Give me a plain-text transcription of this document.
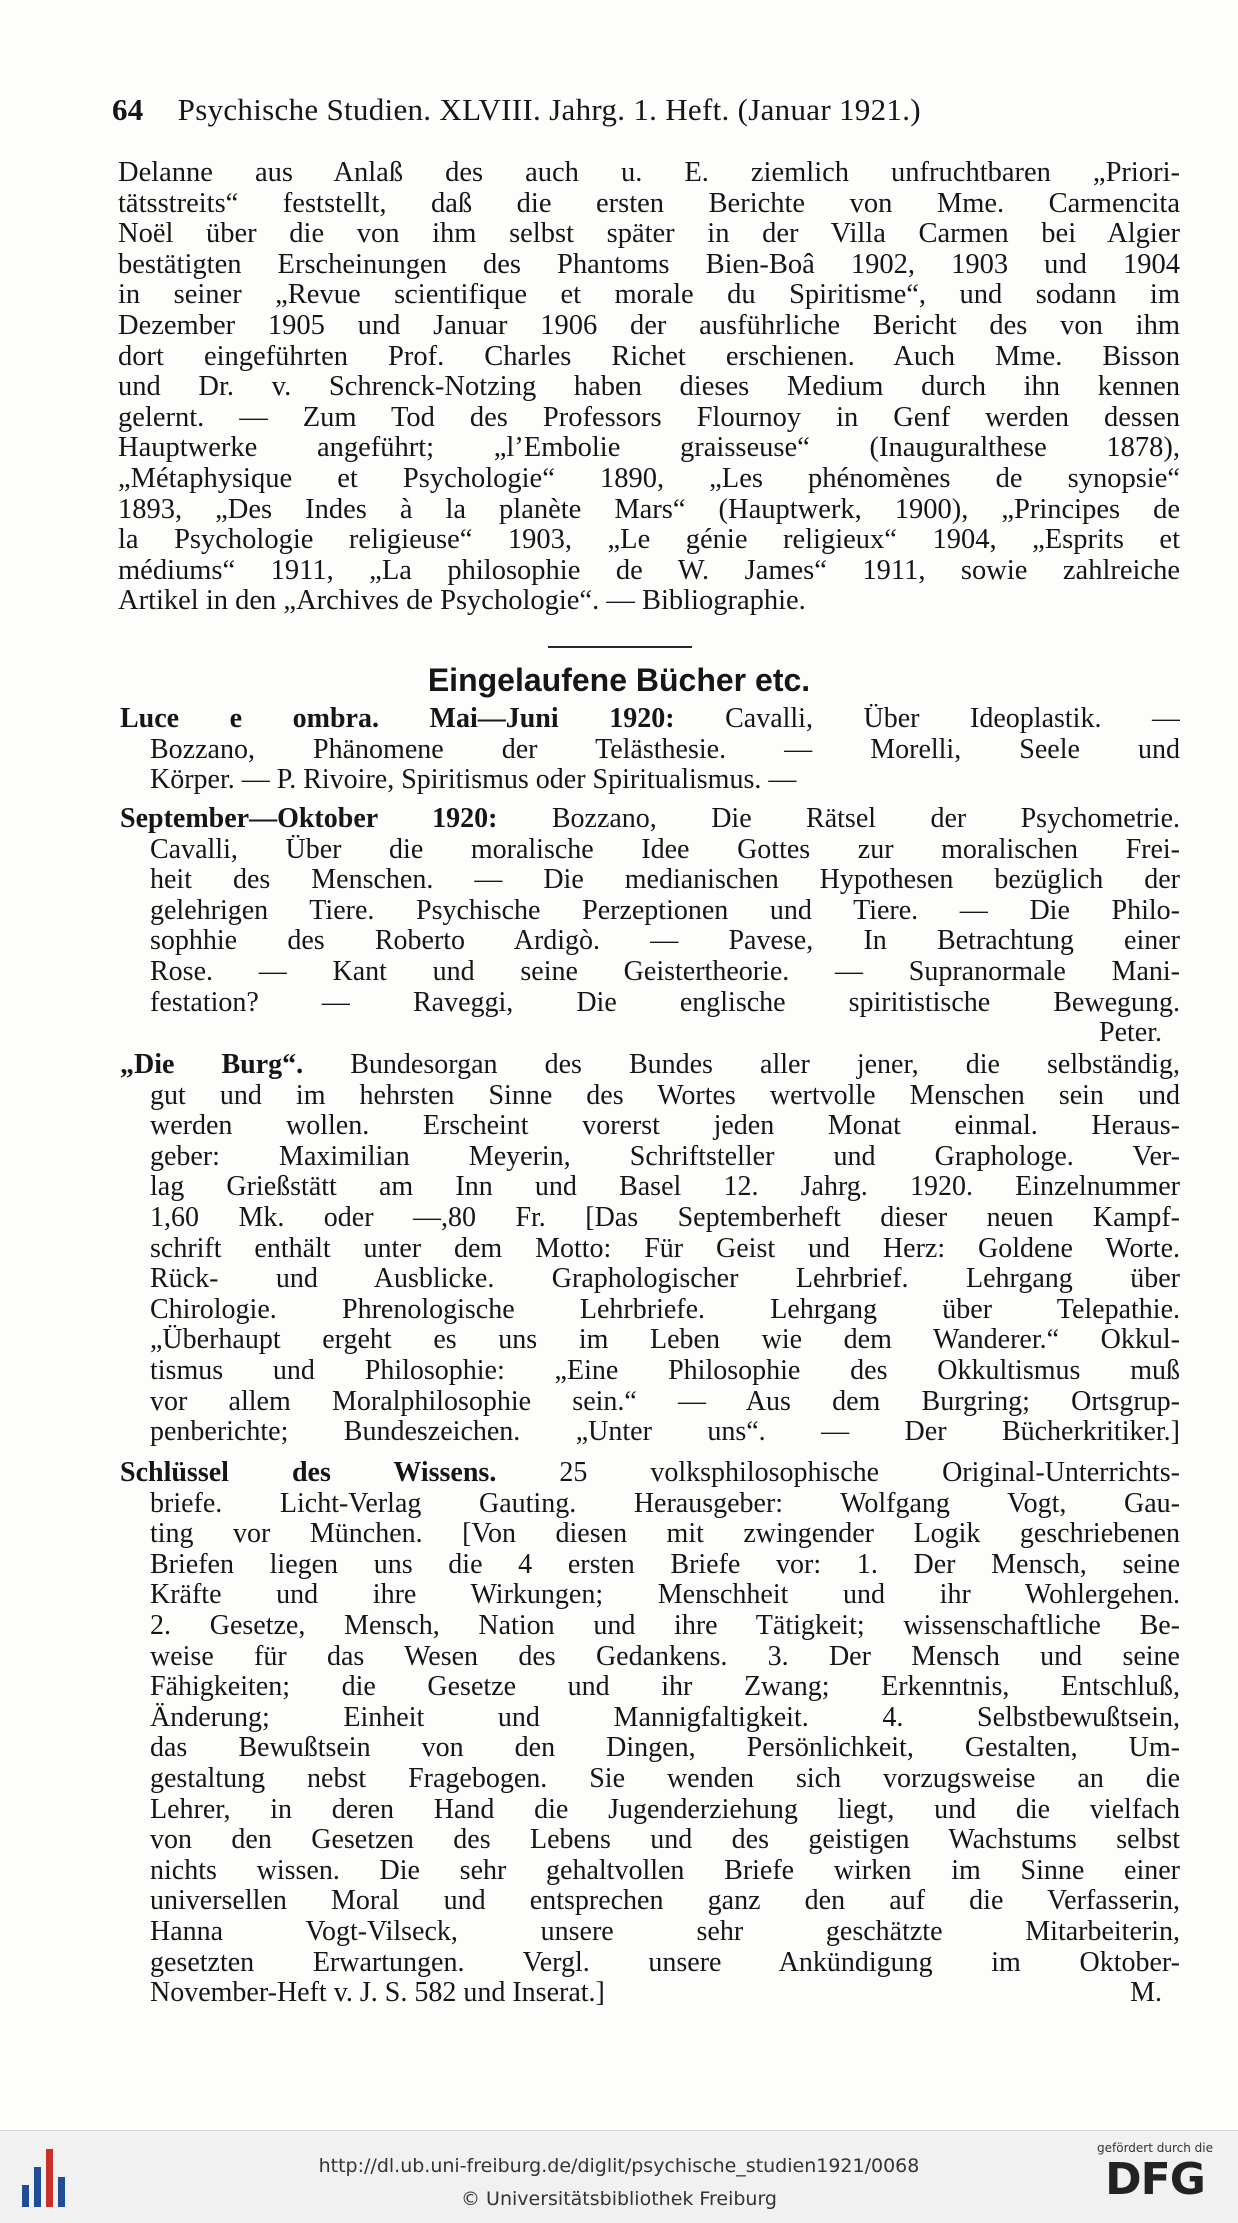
64 Psychische Studien. XLVIII. Jahrg. 1. Heft. (Januar 1921.)
Delanne aus Anlaß des auch u. E. ziemlich unfruchtbaren „Priori-
tätsstreits“ feststellt, daß die ersten Berichte von Mme. Carmencita
Noël über die von ihm selbst später in der Villa Carmen bei Algier
bestätigten Erscheinungen des Phantoms Bien-Boâ 1902, 1903 und 1904
in seiner „Revue scientifique et morale du Spiritisme“, und sodann im
Dezember 1905 und Januar 1906 der ausführliche Bericht des von ihm
dort eingeführten Prof. Charles Richet erschienen. Auch Mme. Bisson
und Dr. v. Schrenck-Notzing haben dieses Medium durch ihn kennen
gelernt. — Zum Tod des Professors Flournoy in Genf werden dessen
Hauptwerke angeführt; „l’Embolie graisseuse“ (Inauguralthese 1878),
„Métaphysique et Psychologie“ 1890, „Les phénomènes de synopsie“
1893, „Des Indes à la planète Mars“ (Hauptwerk, 1900), „Principes de
la Psychologie religieuse“ 1903, „Le génie religieux“ 1904, „Esprits et
médiums“ 1911, „La philosophie de W. James“ 1911, sowie zahlreiche
Artikel in den „Archives de Psychologie“. — Bibliographie.
Eingelaufene Bücher etc.
Luce e ombra. Mai—Juni 1920: Cavalli, Über Ideoplastik. —
Bozzano, Phänomene der Telästhesie. — Morelli, Seele und
Körper. — P. Rivoire, Spiritismus oder Spiritualismus. —
September—Oktober 1920: Bozzano, Die Rätsel der Psychometrie.
Cavalli, Über die moralische Idee Gottes zur moralischen Frei-
heit des Menschen. — Die medianischen Hypothesen bezüglich der
gelehrigen Tiere. Psychische Perzeptionen und Tiere. — Die Philo-
sophhie des Roberto Ardigò. — Pavese, In Betrachtung einer
Rose. — Kant und seine Geistertheorie. — Supranormale Mani-
festation? — Raveggi, Die englische spiritistische Bewegung.
Peter.
„Die Burg“. Bundesorgan des Bundes aller jener, die selbständig,
gut und im hehrsten Sinne des Wortes wertvolle Menschen sein und
werden wollen. Erscheint vorerst jeden Monat einmal. Heraus-
geber: Maximilian Meyerin, Schriftsteller und Graphologe. Ver-
lag Grießstätt am Inn und Basel 12. Jahrg. 1920. Einzelnummer
1,60 Mk. oder —,80 Fr. [Das Septemberheft dieser neuen Kampf-
schrift enthält unter dem Motto: Für Geist und Herz: Goldene Worte.
Rück- und Ausblicke. Graphologischer Lehrbrief. Lehrgang über
Chirologie. Phrenologische Lehrbriefe. Lehrgang über Telepathie.
„Überhaupt ergeht es uns im Leben wie dem Wanderer.“ Okkul-
tismus und Philosophie: „Eine Philosophie des Okkultismus muß
vor allem Moralphilosophie sein.“ — Aus dem Burgring; Ortsgrup-
penberichte; Bundeszeichen. „Unter uns“. — Der Bücherkritiker.]
Schlüssel des Wissens. 25 volksphilosophische Original-Unterrichts-
briefe. Licht-Verlag Gauting. Herausgeber: Wolfgang Vogt, Gau-
ting vor München. [Von diesen mit zwingender Logik geschriebenen
Briefen liegen uns die 4 ersten Briefe vor: 1. Der Mensch, seine
Kräfte und ihre Wirkungen; Menschheit und ihr Wohlergehen.
2. Gesetze, Mensch, Nation und ihre Tätigkeit; wissenschaftliche Be-
weise für das Wesen des Gedankens. 3. Der Mensch und seine
Fähigkeiten; die Gesetze und ihr Zwang; Erkenntnis, Entschluß,
Änderung; Einheit und Mannigfaltigkeit. 4. Selbstbewußtsein,
das Bewußtsein von den Dingen, Persönlichkeit, Gestalten, Um-
gestaltung nebst Fragebogen. Sie wenden sich vorzugsweise an die
Lehrer, in deren Hand die Jugenderziehung liegt, und die vielfach
von den Gesetzen des Lebens und des geistigen Wachstums selbst
nichts wissen. Die sehr gehaltvollen Briefe wirken im Sinne einer
universellen Moral und entsprechen ganz den auf die Verfasserin,
Hanna Vogt-Vilseck, unsere sehr geschätzte Mitarbeiterin,
gesetzten Erwartungen. Vergl. unsere Ankündigung im Oktober-
November-Heft v. J. S. 582 und Inserat.]	M.
http://dl.ub.uni-freiburg.de/diglit/psychische_studien1921/0068
© Universitätsbibliothek Freiburg
gefördert durch die
DFG
